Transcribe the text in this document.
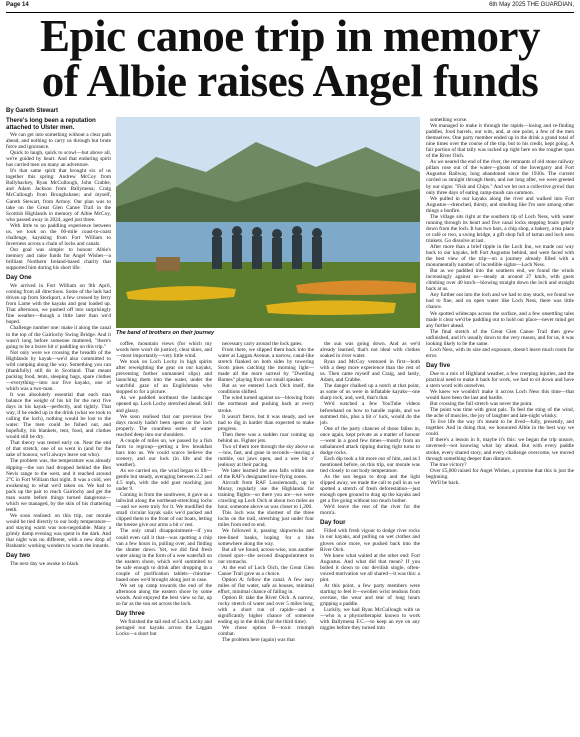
Page 14	6th May 2025 THE GUARDIAN,
Epic canoe trip in memory
of Albie raises Angel funds
By Gareth Stewart

There's long been a reputation attached to Ulster men.

We can get into something without a clear path ahead, and nothing to carry us through but brute force and ignorance.

Quick to laugh, quick to scowl—but above all, we're guided by heart. And that enduring spirit has carried men on many an adventure.

It's that same spirit that brought six of us together this spring: Andrew McCoy from Ballyhackey, Ryan McCullough, John Crabbe, and Adam Jackson from Ballymena; Craig McCullough from Broughshane; and myself, Gareth Stewart, from Armoy. Our plan was to take on the Great Glen Canoe Trail in the Scottish Highlands in memory of Albie McCoy, who passed away in 2024, aged just three.

With little to no paddling experience between us, we took on the 60-mile coast-to-coast challenge, kayaking from Fort William to Inverness across a chain of lochs and canals.

Our goal was simple: to honour Albie's memory and raise funds for Angel Wishes—a brilliant Northern Ireland-based charity that supported him during his short life.

Day One

We arrived in Fort William on 9th April, coming from all directions. Some of the lads had driven up from Stockport, a few crossed by ferry from Larne with the kayaks and gear loaded up. That afternoon, we pushed off into surprisingly fine weather—though a little later than we'd hoped.

Challenge number one: make it along the canal to the top of the Gairlochy Swing Bridge. And it wasn't long before someone muttered, "there's going to be a brave bit o' paddling on this trip."

Not only were we crossing the breadth of the Highlands by kayak—we'd also committed to wild camping along the way. Something you can (thankfully) still do in Scotland. That meant packing food, tents, sleeping bags, spare clothes—everything—into our five kayaks, one of which was a two-man.

It was absolutely essential that each man balance the weight of his kit for the next five days in his kayak—perfectly, and tightly. That way, if he ended up in the drink (what we took to calling the loch), nothing would be lost to the water. The men could be fished out, and hopefully, his blankets, tent, food, and clothes would still be dry.

That theory was tested early on. Near the end of that stretch, one of us went in (and for the sake of honour, we'll always leave out who).

The problem was, the temperature was already dipping—the sun had dropped behind the Ben Nevis range to the west, and it reached around 2°C in Fort William that night. It was a cold, wet awakening to what we'd taken on. We had to pack up the pair to reach Gairlochy and get the man warm before things turned dangerous—which we managed, by the skin of his chattering teeth.

We soon realised: on this trip, our morale would be tied directly to our body temperature—and staying warm was non-negotiable. Many a grimly damp evening was spent in the dark. And that night was no different, with a new drop of Brabantic working wonders to warm the innards.

Day two

The next day we awoke to black

The band of brothers on their journey

coffee, mountain views (for which my words here won't do justice), clear skies, and—most importantly—very little wind.

We took on Loch Lochy in high spirits after reweighting the gear on our kayaks, preventing further unmanned slips) and launching them into the water, under the watchful gaze of an Englishman who stopped to for a picture.

As we paddled northeast the landscape opened up. Loch Lochy stretched ahead. Still and glassy.

We soon realised that our previous few days mostly hadn't been spent on the loch properly. The countless series of water reached deep into our shoulders.

A couple of miles on, we passed by a fish farm to regroup—getting a few breakfast bars into us. We could scarce believe the scenery, and our luck (in life and the weather).

As we carried on, the wind began to lift—gentle but steady, averaging between 2.2 and 4.5 mph, with the odd gust reaching just under 9.

Coming in from the southwest, it gave us a tailwind along the northeast-stretching lochs—and we were truly for it. We modified the small circular kayak sails we'd packed and clipped them to the front of our boats, letting the breeze give our arms a bit o' rest.

The only small disappointment—if you could even call it that—was spotting a chip van a few hours in, pulling over, and finding the shutter down. Yet, we did find fresh water along in the form of a wee waterfall on the eastern shore, which we'd summited to be safe enough to drink after dropping in a couple of purification tablets—chlorine-based ones we'd brought along just in case.

We set up camp towards the end of the afternoon along the eastern shore by some woods. And enjoyed the best view so far, up so far as the sun set across the loch.

Day three

We finished the tail end of Loch Lochy and portaged our kayaks across the Laggan Locks—a short but

necessary carry around the lock gates.

From there, we slipped them back into the water at Laggan Avenue, a narrow, canal-like stretch flanked on both sides by towering Scots pines catching the morning light—made all the more surreal by "Dwelling Barnes" playing from our small speaker.

But as we entered Loch Oich itself, the conditions shifted.

The wind turned against us—blowing from the northeast and pushing back at every stroke.

It wasn't fierce, but it was steady, and we had to dig in harder than expected to make progress.

Then there was a sudden roar coming up behind us. Fighter jets.

Two of them tore through the sky above us—low, fast, and gone in seconds—leaving a rumble, our jaws open, and a wee bit o' jealousy at their pacing.

We later learned the area falls within one of the RAF's designated low-flying zones.

Aircraft from RAF Lossiemouth, up in Moray, regularly use the Highlands for training flights—so there you are—we were crawling up Loch Oich at about two miles an hour, someone above us was closer to 1,200.

This loch was the shortest of the three lochs on the trail, stretching just under four miles from end to end.

We followed it, passing shipwrecks and tree-lined banks, hoping for a bite somewhere along the way.

But all we found, across-wise, was another closed spot—the second disappointment to our stomachs.

At the end of Loch Oich, the Great Glen Canoe Trail gave us a choice.

Option A: follow the canal. A few easy miles of flat water, safe as houses, minimal effort, minimal chance of falling in.

Option B: take the River Oich. A narrow, rocky stretch of water and over 5 miles long, with a short run of rapids—and a significantly higher chance of someone ending up in the drink (for the third time).

We chose option B—toxic triumph combat.

The problem here (again) was that

the sun was going down. And as we'd already learned, that's not ideal with clothes soaked in river water.

Ryan and McCoy ventured in first—both with a deep more experience than the rest of us. Then came myself and Craig, and lastly, Adam, and Crabbe.

The danger chalked up a notch at that point, as some of us were in inflatable kayaks—one sharp rock, and, well, that's that.

We'd watched a few YouTube videos beforehand on how to handle rapids, and we summed this, plus a bit o' luck, would do the job.

One of the party chances of those fallen in, once again, kept private as a matter of honour—went in a good few times—mostly from an unbalanced attack tipping during tight turns to dodge rocks.

Each dip took a bit more out of him, and as I mentioned before, on this trip, our morale was tied closely to our body temperature.

As the sun began to drop and the light slipped away, we made the call to pull in as we spotted a stretch of fresh deforestation—just enough open ground to drag up the kayaks and get a fire going without too much bother.

We'd leave the rest of the river for the morn'a.

Day four

Filled with fresh vigour to dodge river rocks in our kayaks, and pulling on wet clothes and gloves once more, we pushed back into the River Oich.

We knew what waited at the other end: Fort Augustus. And what did that mean? If you boiled it down to our devilish single, often-voiced motivation we all shared—it was this: a pint.

At this point, a few party members were starting to feel it—swollen wrist tendons from overuse, the wear and tear of long hours gripping a paddle.

Luckily, we had Ryan McCullough with us—who is a physiotherapist known to work with Ballymena F.C.—to keep an eye on any niggles before they turned into

something worse.

We managed to make it through the rapids—losing and re-finding paddles, food barrels, our wits, and, at one point, a few of the men themselves. One party member ended up in the drink a grand total of nine times over the course of the trip, but to his credit, kept going. A fair portion of that tally was racked up right here on the rougher span of the River Oich.

As we neared the end of the river, the remnants of old stone railway pillars rose out of the water—ghosts of the Invergarry and Fort Augustus Railway, long abandoned since the 1930s. The current carried us straight through them, and not long after, we were greeted by our signs: "Fish and Chips." And we let out a collective growl that only three days of eating camp-mush can summon.

We pulled in our kayaks along the river and walked into Fort Augustus—drenched, thirsty, and smelling like I'm sure among other things a bonfire.

The village sits right at the southern tip of Loch Ness, with water running through its heart and five canal locks stepping boats gently down from the loch. It has two bars, a chip shop, a bakery, a tea place or café or two, a swing bridge, a gift shop full of tartan and loch ness trinkets. Go dissolve at last.

After more than a brief tipple in the Loch Inn, we made our way back to our kayaks, left Fort Augustus behind, and were faced with the best view of the trip—on a journey already filled with a monumentally number of incredible sights—Loch Ness.

But as we paddled into the southern end, we found the winds increasingly against us—steady at around 27 km/h, with gusts climbing over 40 km/h—blowing straight down the loch and straight back at us.

Any further out into the loch and we had to stay stuck, we found we had to fine, and on open water like Loch Ness, there was little chance.

We spotted whitecaps across the surface, and a few unsettling tales made it clear we'd be paddling out to hold our place—never mind get any further ahead.

The final stretch of the Great Glen Canoe Trail then grew unfinished, and it's usually down to the very reason, and for us, it was looking likely to be the same.

Loch Ness, with its size and exposure, doesn't leave much room for error.

Day five

Due to a mix of Highland weather, a few creeping injuries, and the practical need to make it back for work, we had to sit down and have a stern word with ourselves.

We knew we wouldn't make it across Loch Ness this time—that would have been the last and hardle.

But crossing the full stretch was never the point.

The point was time with great pals. To feel the sting of the wind, the ache of muscles, the joy of laughter and late-night whisky.

To live life the way it's meant to be lived—fully, presently, and together. And in doing that, we honoured Albie in the best way we could.

If there's a lesson in it, maybe it's this: we began the trip unsure, unversed—not knowing what lay ahead. But with every paddle stroke, every shared story, and every challenge overcome, we moved through something deeper than distance.

The true victory?

Over £5,000 raised for Angel Wishes, a promise that this is just the beginning.

We'll be back.
